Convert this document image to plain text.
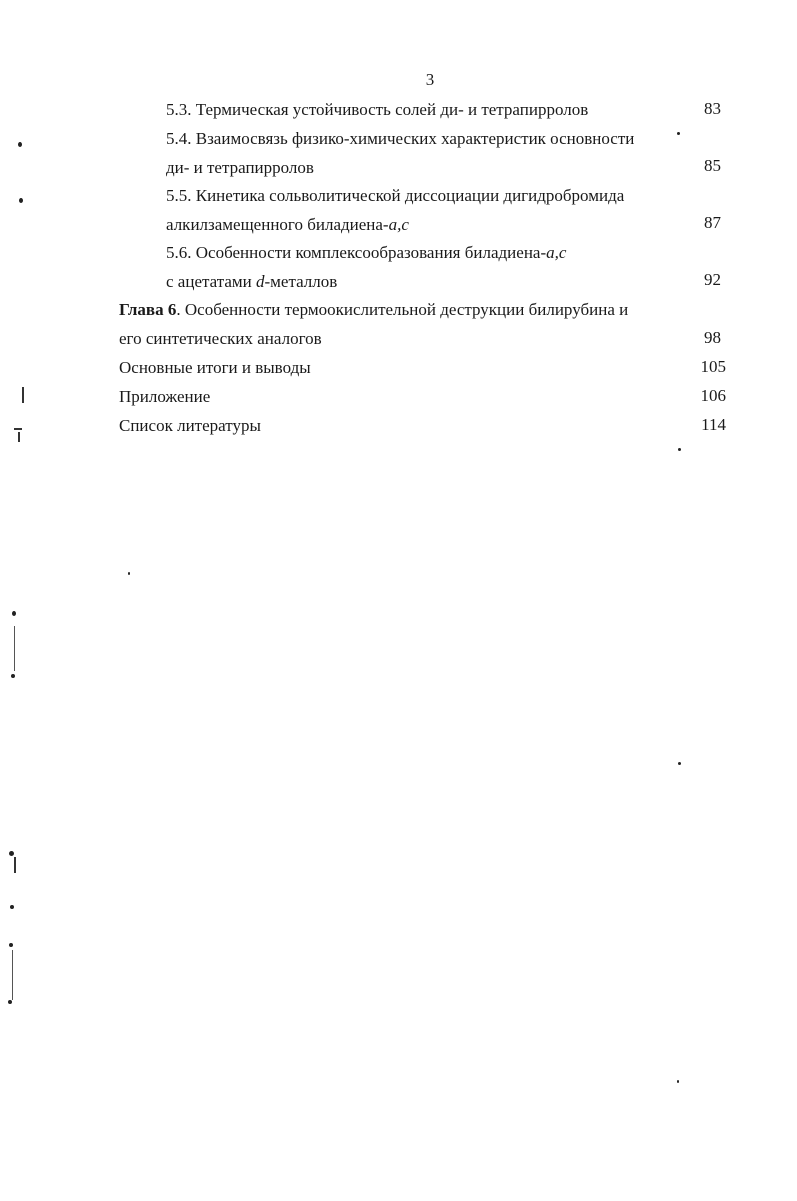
3
5.3. Термическая устойчивость солей ди- и тетрапирролов	83
5.4. Взаимосвязь физико-химических характеристик основности
ди- и тетрапирролов	85
5.5. Кинетика сольволитической диссоциации дигидробромида
алкилзамещенного биладиена-a,c	87
5.6. Особенности комплексообразования биладиена-a,c
с ацетатами d-металлов	92
Глава 6. Особенности термоокислительной деструкции билирубина и
его синтетических аналогов	98
Основные итоги и выводы	105
Приложение	106
Список литературы	114
